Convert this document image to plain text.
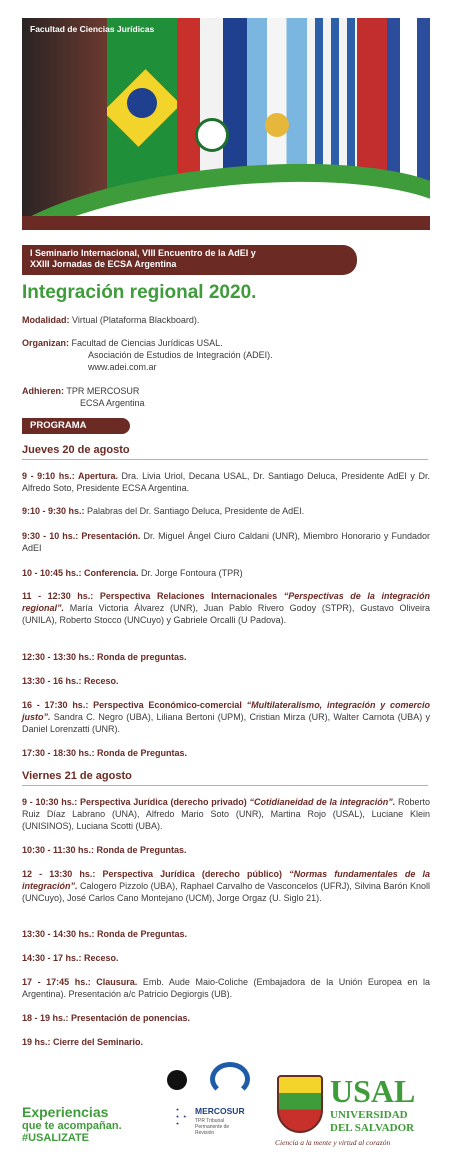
Facultad de Ciencias Jurídicas
I Seminario Internacional, VIII Encuentro de la AdEI y
XXIII Jornadas de ECSA Argentina
Integración regional 2020.
Modalidad: Virtual (Plataforma Blackboard).
Organizan: Facultad de Ciencias Jurídicas USAL.
Asociación de Estudios de Integración (ADEI).
www.adei.com.ar
Adhieren: TPR MERCOSUR
ECSA Argentina
PROGRAMA
Jueves 20 de agosto
9 - 9:10 hs.: Apertura. Dra. Livia Uriol, Decana USAL, Dr. Santiago Deluca, Presidente AdEI y Dr. Alfredo Soto, Presidente ECSA Argentina.
9:10 - 9:30 hs.: Palabras del Dr. Santiago Deluca, Presidente de AdEI.
9:30 - 10 hs.: Presentación. Dr. Miguel Ángel Ciuro Caldani (UNR), Miembro Honorario y Fundador AdEI
10 - 10:45 hs.: Conferencia. Dr. Jorge Fontoura (TPR)
11 - 12:30 hs.: Perspectiva Relaciones Internacionales “Perspectivas de la integración regional”. María Victoria Álvarez (UNR), Juan Pablo Rivero Godoy (STPR), Gustavo Oliveira (UNILA), Roberto Stocco (UNCuyo) y Gabriele Orcalli (U Padova).
12:30 - 13:30 hs.: Ronda de preguntas.
13:30 - 16 hs.: Receso.
16 - 17:30 hs.: Perspectiva Económico-comercial “Multilateralismo, integración y comercio justo”. Sandra C. Negro (UBA), Liliana Bertoni (UPM), Cristian Mirza (UR), Walter Carnota (UBA) y Daniel Lorenzatti (UNR).
17:30 - 18:30 hs.: Ronda de Preguntas.
Viernes 21 de agosto
9 - 10:30 hs.: Perspectiva Jurídica (derecho privado) “Cotidianeidad de la integración”. Roberto Ruiz Díaz Labrano (UNA), Alfredo Mario Soto (UNR), Martina Rojo (USAL), Luciane Klein (UNISINOS), Luciana Scotti (UBA).
10:30 - 11:30 hs.: Ronda de Preguntas.
12 - 13:30 hs.: Perspectiva Jurídica (derecho público) “Normas fundamentales de la integración”. Calogero Pizzolo (UBA), Raphael Carvalho de Vasconcelos (UFRJ), Silvina Barón Knoll (UNCuyo), José Carlos Cano Montejano (UCM), Jorge Orgaz (U. Siglo 21).
13:30 - 14:30 hs.: Ronda de Preguntas.
14:30 - 17 hs.: Receso.
17 - 17:45 hs.: Clausura. Emb. Aude Maio-Coliche (Embajadora de la Unión Europea en la Argentina). Presentación a/c Patricio Degiorgis (UB).
18 - 19 hs.: Presentación de ponencias.
19 hs.: Cierre del Seminario.
Experiencias
que te acompañan.
#USALIZATE
⋆
⋆ ⋆
⋆
MERCOSUR
TPR Tribunal Permanente de Revisión
USAL
UNIVERSIDAD
DEL SALVADOR
Ciencia a la mente y virtud al corazón
